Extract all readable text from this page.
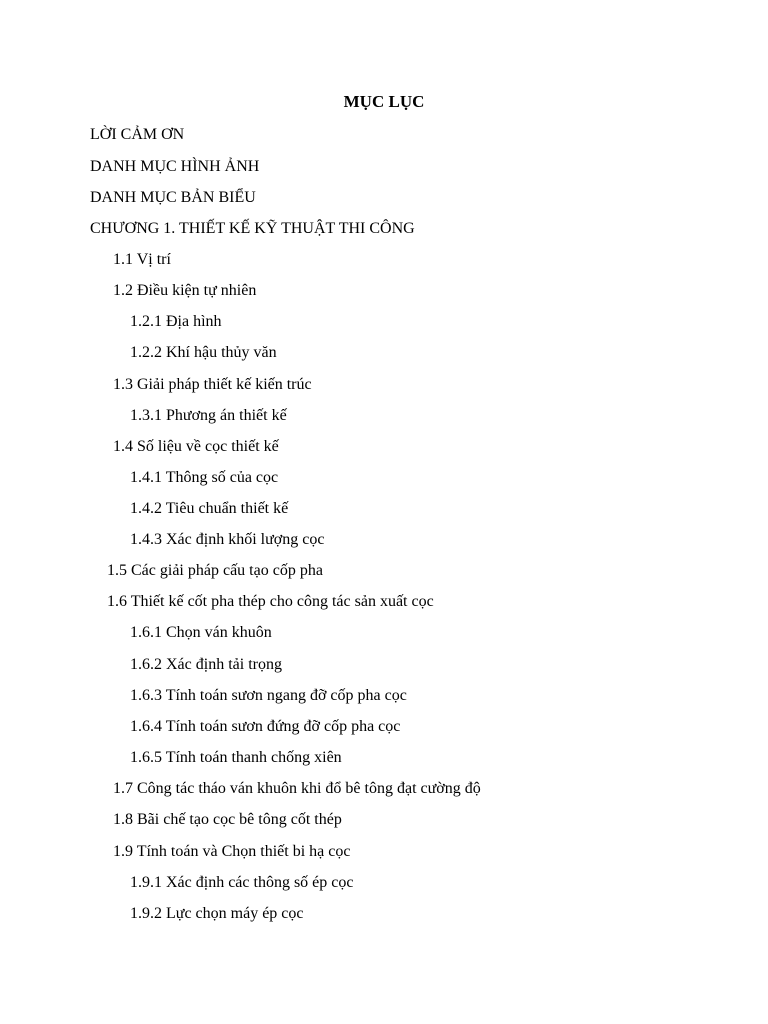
MỤC LỤC
LỜI CẢM ƠN
DANH MỤC HÌNH ẢNH
DANH MỤC BẢN BIỂU
CHƯƠNG 1. THIẾT KẾ KỸ THUẬT THI CÔNG
1.1 Vị trí
1.2 Điều kiện tự nhiên
1.2.1 Địa hình
1.2.2 Khí hậu thủy văn
1.3 Giải pháp thiết kế kiến trúc
1.3.1 Phương án thiết kế
1.4 Số liệu về cọc thiết kế
1.4.1 Thông số của cọc
1.4.2 Tiêu chuẩn thiết kế
1.4.3 Xác định khối lượng cọc
1.5 Các giải pháp cấu tạo cốp pha
1.6 Thiết kế cốt pha thép cho công tác sản xuất cọc
1.6.1 Chọn ván khuôn
1.6.2 Xác định tải trọng
1.6.3 Tính toán sươn ngang đỡ cốp pha cọc
1.6.4 Tính toán sươn đứng đỡ cốp pha cọc
1.6.5 Tính toán thanh chống xiên
1.7 Công tác tháo ván khuôn khi đổ bê tông đạt cường độ
1.8 Bãi chế tạo cọc bê tông cốt thép
1.9 Tính toán và Chọn thiết bi hạ cọc
1.9.1 Xác định các thông số ép cọc
1.9.2 Lực chọn máy ép cọc
